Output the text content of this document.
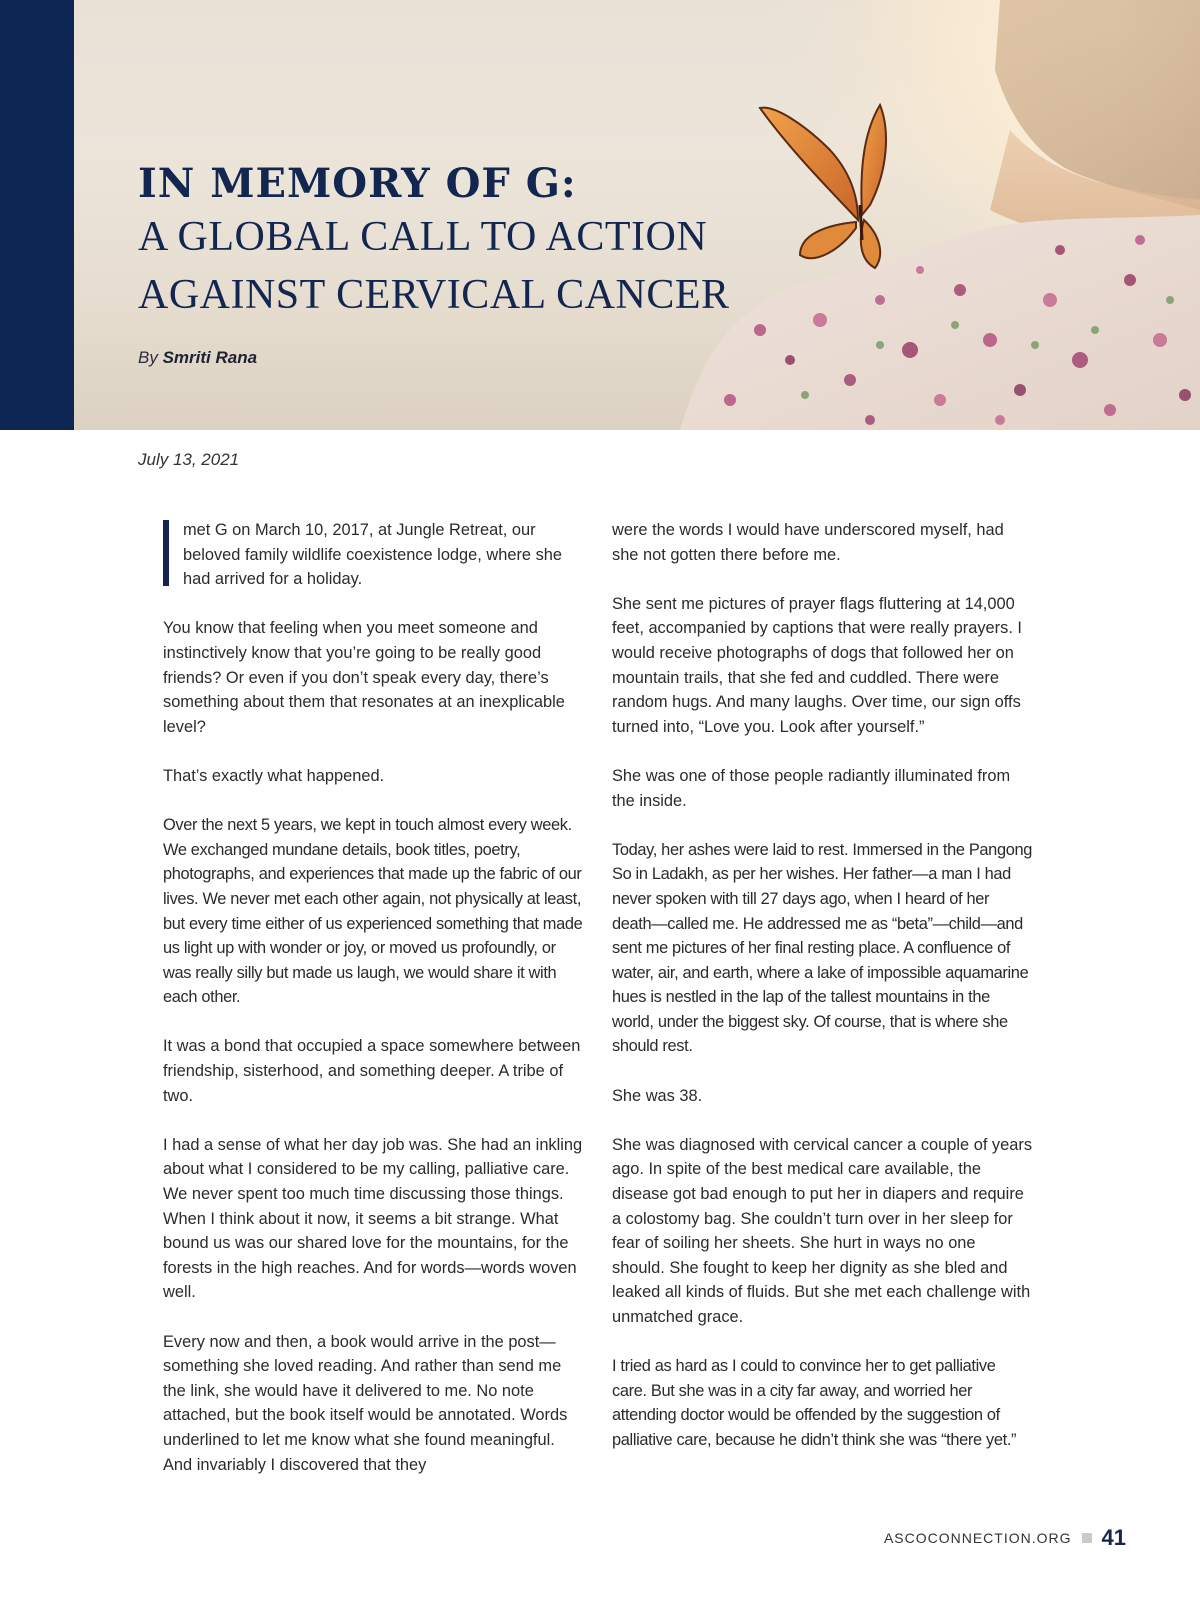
IN MEMORY OF G:
A GLOBAL CALL TO ACTION
AGAINST CERVICAL CANCER
By Smriti Rana
July 13, 2021

met G on March 10, 2017, at Jungle Retreat, our beloved family wildlife coexistence lodge, where she had arrived for a holiday.

You know that feeling when you meet someone and instinctively know that you’re going to be really good friends? Or even if you don’t speak every day, there’s something about them that resonates at an inexplicable level?

That’s exactly what happened.

Over the next 5 years, we kept in touch almost every week. We exchanged mundane details, book titles, poetry, photographs, and experiences that made up the fabric of our lives. We never met each other again, not physically at least, but every time either of us experienced something that made us light up with wonder or joy, or moved us profoundly, or was really silly but made us laugh, we would share it with each other.

It was a bond that occupied a space somewhere between friendship, sisterhood, and something deeper. A tribe of two.

I had a sense of what her day job was. She had an inkling about what I considered to be my calling, palliative care. We never spent too much time discussing those things. When I think about it now, it seems a bit strange. What bound us was our shared love for the mountains, for the forests in the high reaches. And for words—words woven well.

Every now and then, a book would arrive in the post—something she loved reading. And rather than send me the link, she would have it delivered to me. No note attached, but the book itself would be annotated. Words underlined to let me know what she found meaningful. And invariably I discovered that they

were the words I would have underscored myself, had she not gotten there before me.

She sent me pictures of prayer flags fluttering at 14,000 feet, accompanied by captions that were really prayers. I would receive photographs of dogs that followed her on mountain trails, that she fed and cuddled. There were random hugs. And many laughs. Over time, our sign offs turned into, “Love you. Look after yourself.”

She was one of those people radiantly illuminated from the inside.

Today, her ashes were laid to rest. Immersed in the Pangong So in Ladakh, as per her wishes. Her father—a man I had never spoken with till 27 days ago, when I heard of her death—called me. He addressed me as “beta”—child—and sent me pictures of her final resting place. A confluence of water, air, and earth, where a lake of impossible aquamarine hues is nestled in the lap of the tallest mountains in the world, under the biggest sky. Of course, that is where she should rest.

She was 38.

She was diagnosed with cervical cancer a couple of years ago. In spite of the best medical care available, the disease got bad enough to put her in diapers and require a colostomy bag. She couldn’t turn over in her sleep for fear of soiling her sheets. She hurt in ways no one should. She fought to keep her dignity as she bled and leaked all kinds of fluids. But she met each challenge with unmatched grace.

I tried as hard as I could to convince her to get palliative care. But she was in a city far away, and worried her attending doctor would be offended by the suggestion of palliative care, because he didn’t think she was “there yet.”

ASCOCONNECTION.ORG 41
